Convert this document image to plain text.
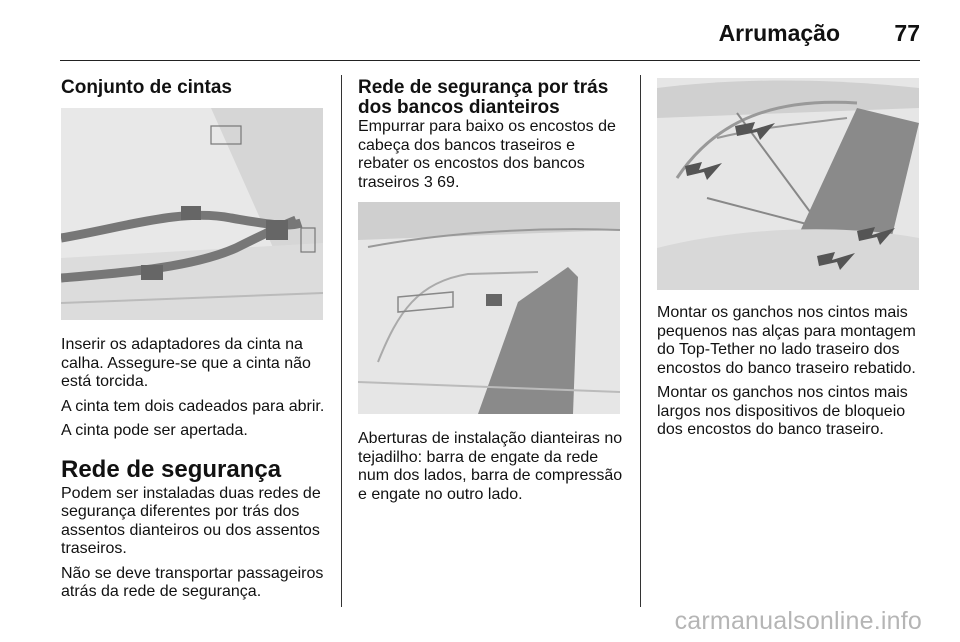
Arrumação 77
Conjunto de cintas

Inserir os adaptadores da cinta na calha. Assegure-se que a cinta não está torcida.

A cinta tem dois cadeados para abrir.

A cinta pode ser apertada.

Rede de segurança

Podem ser instaladas duas redes de segurança diferentes por trás dos assentos dianteiros ou dos assentos traseiros.

Não se deve transportar passageiros atrás da rede de segurança.

Rede de segurança por trás dos bancos dianteiros

Empurrar para baixo os encostos de cabeça dos bancos traseiros e rebater os encostos dos bancos traseiros 3 69.

Aberturas de instalação dianteiras no tejadilho: barra de engate da rede num dos lados, barra de compressão e engate no outro lado.

Montar os ganchos nos cintos mais pequenos nas alças para montagem do Top-Tether no lado traseiro dos encostos do banco traseiro rebatido.

Montar os ganchos nos cintos mais largos nos dispositivos de bloqueio dos encostos do banco traseiro.

carmanualsonline.info
